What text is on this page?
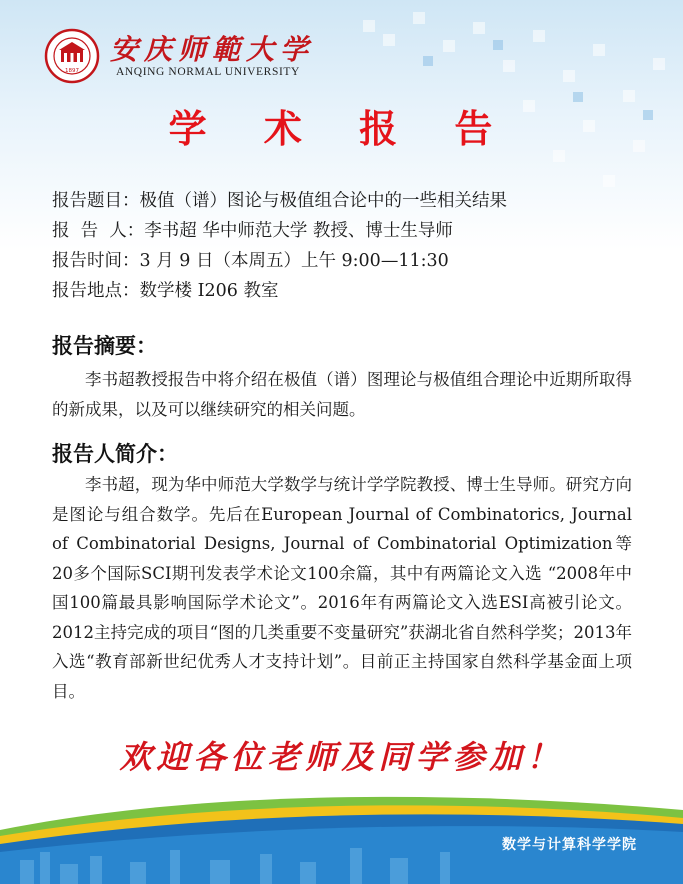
1897
安庆师範大学
ANQING NORMAL UNIVERSITY
学 术 报 告
报告题目：极值（谱）图论与极值组合论中的一些相关结果
报  告  人：李书超 华中师范大学 教授、博士生导师
报告时间：3 月 9 日（本周五）上午 9:00—11:30
报告地点：数学楼 I206 教室
报告摘要：

李书超教授报告中将介绍在极值（谱）图理论与极值组合理论中近期所取得的新成果，以及可以继续研究的相关问题。

报告人简介：

李书超，现为华中师范大学数学与统计学学院教授、博士生导师。研究方向是图论与组合数学。先后在European Journal of Combinatorics, Journal of Combinatorial Designs, Journal of Combinatorial Optimization等20多个国际SCI期刊发表学术论文100余篇，其中有两篇论文入选 “2008年中国100篇最具影响国际学术论文”。2016年有两篇论文入选ESI高被引论文。2012主持完成的项目“图的几类重要不变量研究”获湖北省自然科学奖；2013年入选“教育部新世纪优秀人才支持计划”。目前正主持国家自然科学基金面上项目。

欢迎各位老师及同学参加！
数学与计算科学学院
